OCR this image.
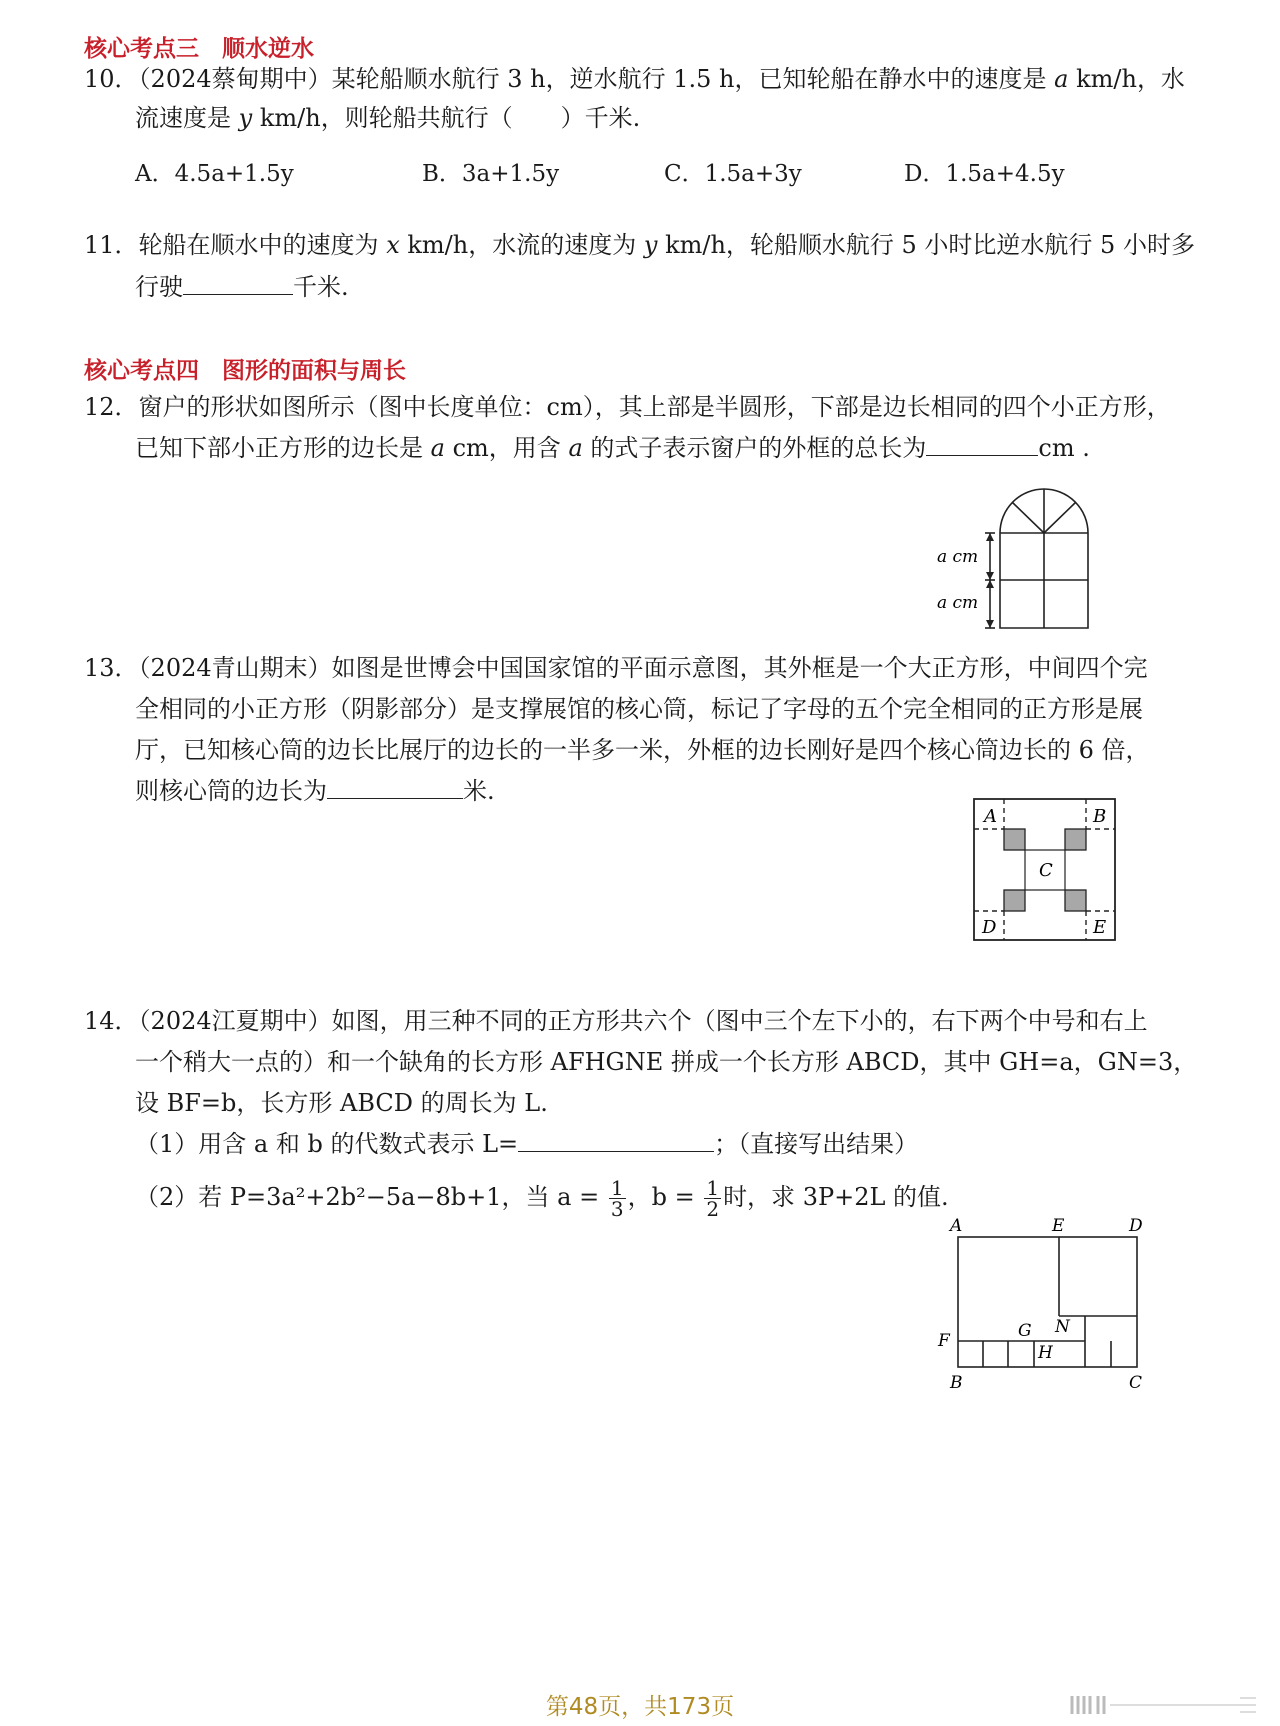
核心考点三　顺水逆水
10．（2024蔡甸期中）某轮船顺水航行 3 h，逆水航行 1.5 h，已知轮船在静水中的速度是 a km/h，水
流速度是 y km/h，则轮船共航行（　　）千米.
A．4.5a+1.5y	B．3a+1.5y	C．1.5a+3y	D．1.5a+4.5y
11．轮船在顺水中的速度为 x km/h，水流的速度为 y km/h，轮船顺水航行 5 小时比逆水航行 5 小时多
行驶	千米.
核心考点四　图形的面积与周长
12．窗户的形状如图所示（图中长度单位：cm），其上部是半圆形，下部是边长相同的四个小正方形，
已知下部小正方形的边长是 a cm，用含 a 的式子表示窗户的外框的总长为	cm .
a cm
a cm
13．（2024青山期末）如图是世博会中国国家馆的平面示意图，其外框是一个大正方形，中间四个完
全相同的小正方形（阴影部分）是支撑展馆的核心筒，标记了字母的五个完全相同的正方形是展
厅，已知核心筒的边长比展厅的边长的一半多一米，外框的边长刚好是四个核心筒边长的 6 倍，
则核心筒的边长为	米.
A	B
C
D	E
14．（2024江夏期中）如图，用三种不同的正方形共六个（图中三个左下小的，右下两个中号和右上
一个稍大一点的）和一个缺角的长方形 AFHGNE 拼成一个长方形 ABCD，其中 GH=a，GN=3，
设 BF=b，长方形 ABCD 的周长为 L.
（1）用含 a 和 b 的代数式表示 L=	；（直接写出结果）
（2）若 P=3a²+2b²−5a−8b+1，当 $a = \frac{1}{3}$ ，$b = \frac{1}{2}$ 时，求 3P+2L 的值.
A	E	D
G N
F
H
B	C
第48页，共173页
